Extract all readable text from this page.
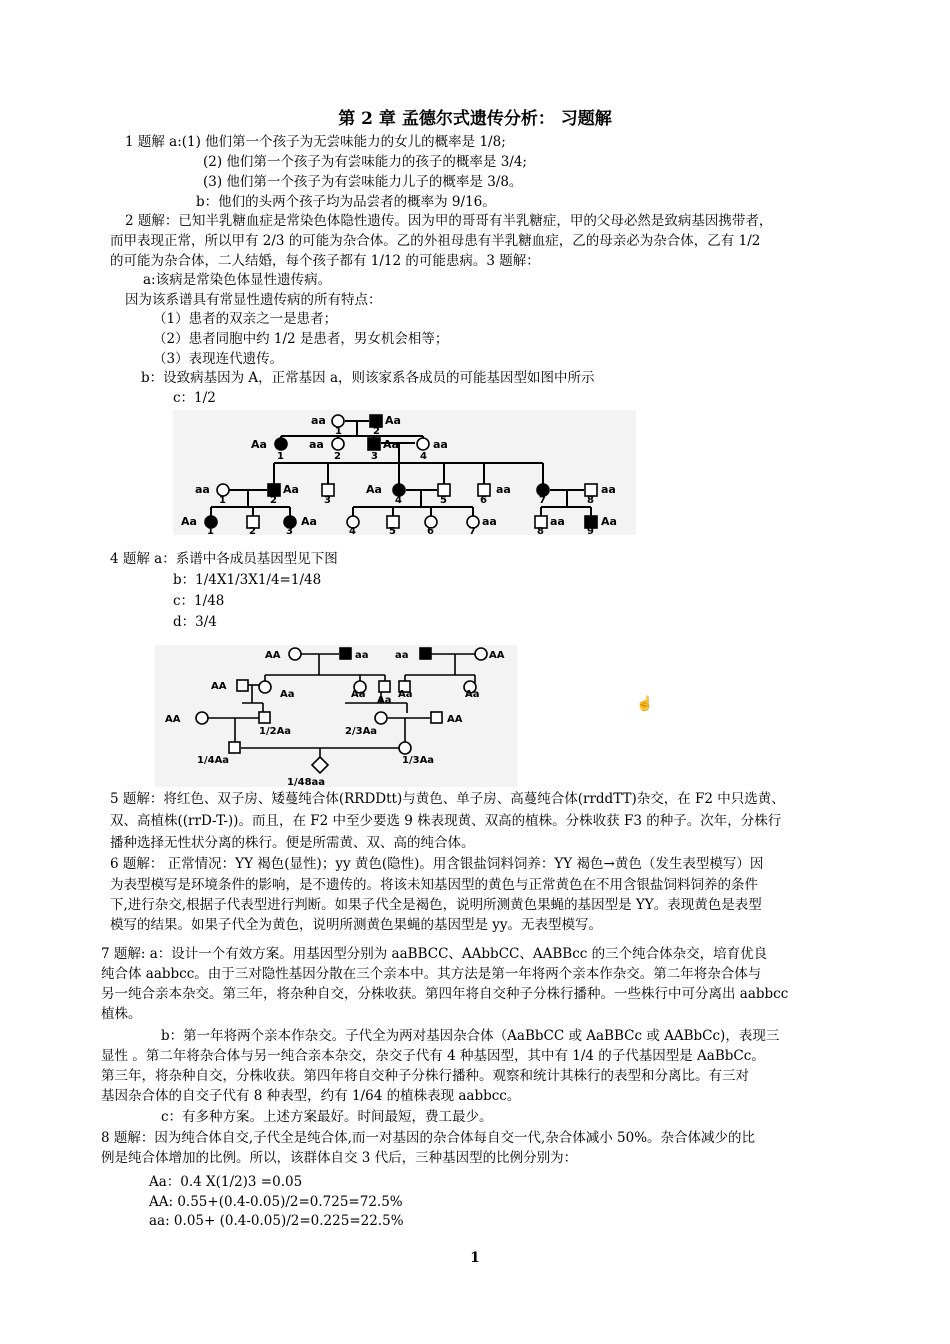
第 2 章 孟德尔式遗传分析： 习题解
1 题解 a:(1) 他们第一个孩子为无尝味能力的女儿的概率是 1/8;
(2) 他们第一个孩子为有尝味能力的孩子的概率是 3/4;
(3) 他们第一个孩子为有尝味能力儿子的概率是 3/8。
b：他们的头两个孩子均为品尝者的概率为 9/16。
2 题解：已知半乳糖血症是常染色体隐性遗传。因为甲的哥哥有半乳糖症，甲的父母必然是致病基因携带者，
而甲表现正常，所以甲有 2/3 的可能为杂合体。乙的外祖母患有半乳糖血症，乙的母亲必为杂合体，乙有 1/2
的可能为杂合体，二人结婚，每个孩子都有 1/12 的可能患病。3 题解：
a:该病是常染色体显性遗传病。
因为该系谱具有常显性遗传病的所有特点：
（1）患者的双亲之一是患者；
（2）患者同胞中约 1/2 是患者，男女机会相等；
（3）表现连代遗传。
b：设致病基因为 A，正常基因 a，则该家系各成员的可能基因型如图中所示
c：1/2
aa
1	2
Aa
Aa
1
aa
2	3
Aa
4
aa
aa
1	2
Aa
3
Aa
4	5	6
aa
7	8
aa
Aa
1	2	3
Aa
4	5	6	7
aa
8
aa
9
Aa
4 题解 a：系谱中各成员基因型见下图
b：1/4X1/3X1/4=1/48
c：1/48
d：3/4
AA	aa	aa	AA
AA
Aa	Aa
Aa
Aa	Aa
AA
1/2Aa	2/3Aa
AA
1/4Aa	1/3Aa
1/48aa
☝
5 题解：将红色、双子房、矮蔓纯合体(RRDDtt)与黄色、单子房、高蔓纯合体(rrddTT)杂交，在 F2 中只选黄、
双、高植株((rrD-T-))。而且，在 F2 中至少要选 9 株表现黄、双高的植株。分株收获 F3 的种子。次年，分株行
播种选择无性状分离的株行。便是所需黄、双、高的纯合体。
6 题解： 正常情况：YY 褐色(显性)；yy 黄色(隐性)。用含银盐饲料饲养：YY 褐色→黄色（发生表型模写）因
为表型模写是环境条件的影响，是不遗传的。将该未知基因型的黄色与正常黄色在不用含银盐饲料饲养的条件
下,进行杂交,根据子代表型进行判断。如果子代全是褐色，说明所测黄色果蝇的基因型是 YY。表现黄色是表型
模写的结果。如果子代全为黄色，说明所测黄色果蝇的基因型是 yy。无表型模写。
7 题解: a：设计一个有效方案。用基因型分别为 aaBBCC、AAbbCC、AABBcc 的三个纯合体杂交，培育优良
纯合体 aabbcc。由于三对隐性基因分散在三个亲本中。其方法是第一年将两个亲本作杂交。第二年将杂合体与
另一纯合亲本杂交。第三年，将杂种自交，分株收获。第四年将自交种子分株行播种。一些株行中可分离出 aabbcc
植株。
b：第一年将两个亲本作杂交。子代全为两对基因杂合体（AaBbCC 或 AaBBCc 或 AABbCc)，表现三
显性 。第二年将杂合体与另一纯合亲本杂交，杂交子代有 4 种基因型，其中有 1/4 的子代基因型是 AaBbCc。
第三年，将杂种自交，分株收获。第四年将自交种子分株行播种。观察和统计其株行的表型和分离比。有三对
基因杂合体的自交子代有 8 种表型，约有 1/64 的植株表现 aabbcc。
c：有多种方案。上述方案最好。时间最短，费工最少。
8 题解：因为纯合体自交,子代全是纯合体,而一对基因的杂合体每自交一代,杂合体减小 50%。杂合体减少的比
例是纯合体增加的比例。所以，该群体自交 3 代后，三种基因型的比例分别为：
Aa：0.4 X(1/2)3 =0.05
AA: 0.55+(0.4-0.05)/2=0.725=72.5%
aa: 0.05+ (0.4-0.05)/2=0.225=22.5%
1
